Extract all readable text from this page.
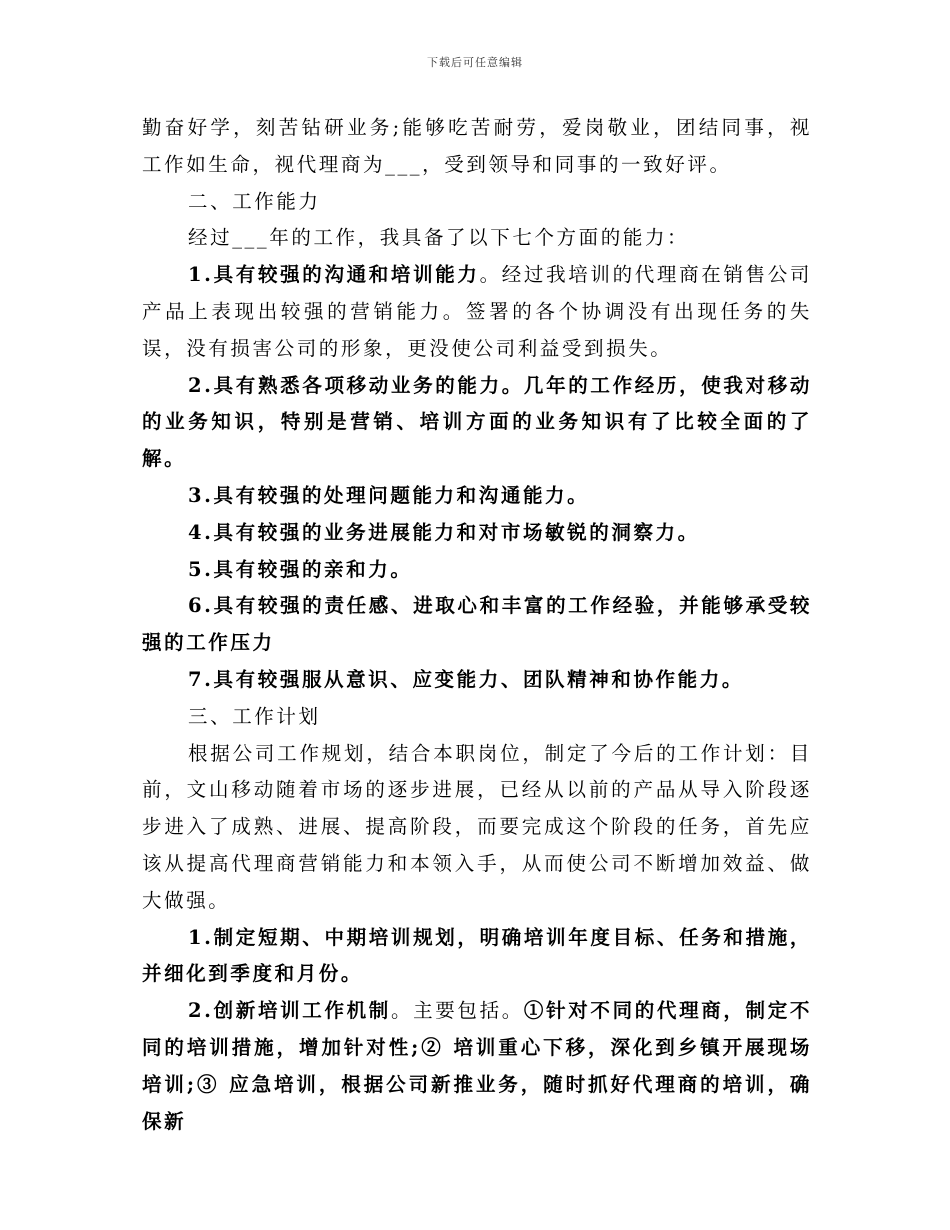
下载后可任意编辑

勤奋好学，刻苦钻研业务;能够吃苦耐劳，爱岗敬业，团结同事，视工作如生命，视代理商为___，受到领导和同事的一致好评。

二、工作能力

经过___年的工作，我具备了以下七个方面的能力：

1.具有较强的沟通和培训能力。经过我培训的代理商在销售公司产品上表现出较强的营销能力。签署的各个协调没有出现任务的失误，没有损害公司的形象，更没使公司利益受到损失。

2.具有熟悉各项移动业务的能力。几年的工作经历，使我对移动的业务知识，特别是营销、培训方面的业务知识有了比较全面的了解。

3.具有较强的处理问题能力和沟通能力。

4.具有较强的业务进展能力和对市场敏锐的洞察力。

5.具有较强的亲和力。

6.具有较强的责任感、进取心和丰富的工作经验，并能够承受较强的工作压力

7.具有较强服从意识、应变能力、团队精神和协作能力。

三、工作计划

根据公司工作规划，结合本职岗位，制定了今后的工作计划：目前，文山移动随着市场的逐步进展，已经从以前的产品从导入阶段逐步进入了成熟、进展、提高阶段，而要完成这个阶段的任务，首先应该从提高代理商营销能力和本领入手，从而使公司不断增加效益、做大做强。

1.制定短期、中期培训规划，明确培训年度目标、任务和措施，并细化到季度和月份。

2.创新培训工作机制。主要包括。①针对不同的代理商，制定不同的培训措施，增加针对性;② 培训重心下移，深化到乡镇开展现场培训;③ 应急培训，根据公司新推业务，随时抓好代理商的培训，确保新
